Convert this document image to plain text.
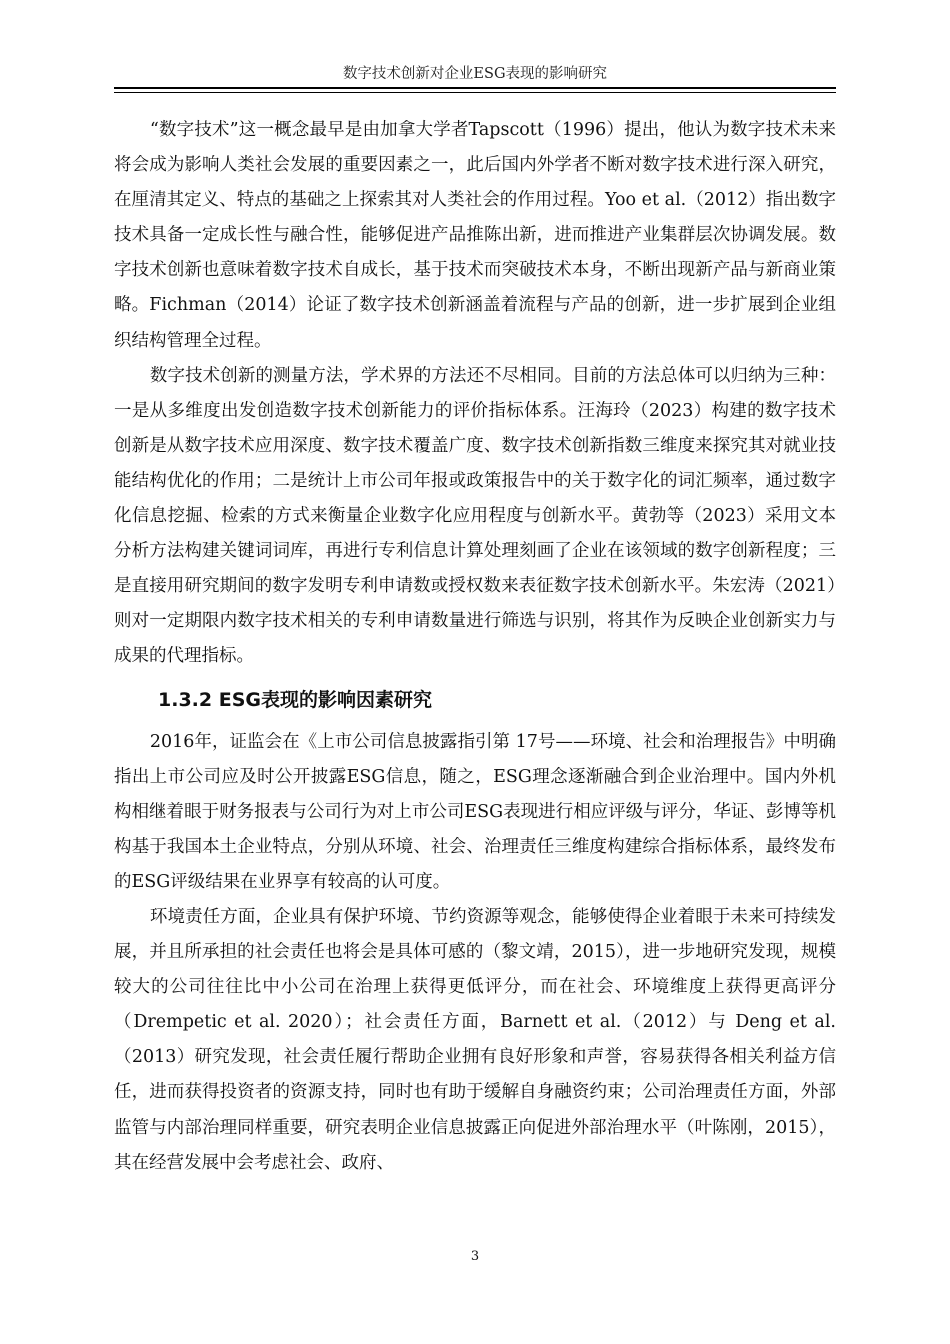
数字技术创新对企业ESG表现的影响研究

“数字技术”这一概念最早是由加拿大学者Tapscott（1996）提出，他认为数字技术未来将会成为影响人类社会发展的重要因素之一，此后国内外学者不断对数字技术进行深入研究，在厘清其定义、特点的基础之上探索其对人类社会的作用过程。Yoo et al.（2012）指出数字技术具备一定成长性与融合性，能够促进产品推陈出新，进而推进产业集群层次协调发展。数字技术创新也意味着数字技术自成长，基于技术而突破技术本身，不断出现新产品与新商业策略。Fichman（2014）论证了数字技术创新涵盖着流程与产品的创新，进一步扩展到企业组织结构管理全过程。

数字技术创新的测量方法，学术界的方法还不尽相同。目前的方法总体可以归纳为三种：一是从多维度出发创造数字技术创新能力的评价指标体系。汪海玲（2023）构建的数字技术创新是从数字技术应用深度、数字技术覆盖广度、数字技术创新指数三维度来探究其对就业技能结构优化的作用；二是统计上市公司年报或政策报告中的关于数字化的词汇频率，通过数字化信息挖掘、检索的方式来衡量企业数字化应用程度与创新水平。黄勃等（2023）采用文本分析方法构建关键词词库，再进行专利信息计算处理刻画了企业在该领域的数字创新程度；三是直接用研究期间的数字发明专利申请数或授权数来表征数字技术创新水平。朱宏涛（2021）则对一定期限内数字技术相关的专利申请数量进行筛选与识别，将其作为反映企业创新实力与成果的代理指标。

1.3.2 ESG表现的影响因素研究

2016年，证监会在《上市公司信息披露指引第 17号——环境、社会和治理报告》中明确指出上市公司应及时公开披露ESG信息，随之，ESG理念逐渐融合到企业治理中。国内外机构相继着眼于财务报表与公司行为对上市公司ESG表现进行相应评级与评分，华证、彭博等机构基于我国本土企业特点，分别从环境、社会、治理责任三维度构建综合指标体系，最终发布的ESG评级结果在业界享有较高的认可度。

环境责任方面，企业具有保护环境、节约资源等观念，能够使得企业着眼于未来可持续发展，并且所承担的社会责任也将会是具体可感的（黎文靖，2015），进一步地研究发现，规模较大的公司往往比中小公司在治理上获得更低评分，而在社会、环境维度上获得更高评分（Drempetic et al. 2020）；社会责任方面，Barnett et al.（2012）与 Deng et al.（2013）研究发现，社会责任履行帮助企业拥有良好形象和声誉，容易获得各相关利益方信任，进而获得投资者的资源支持，同时也有助于缓解自身融资约束；公司治理责任方面，外部监管与内部治理同样重要，研究表明企业信息披露正向促进外部治理水平（叶陈刚，2015），其在经营发展中会考虑社会、政府、

3
